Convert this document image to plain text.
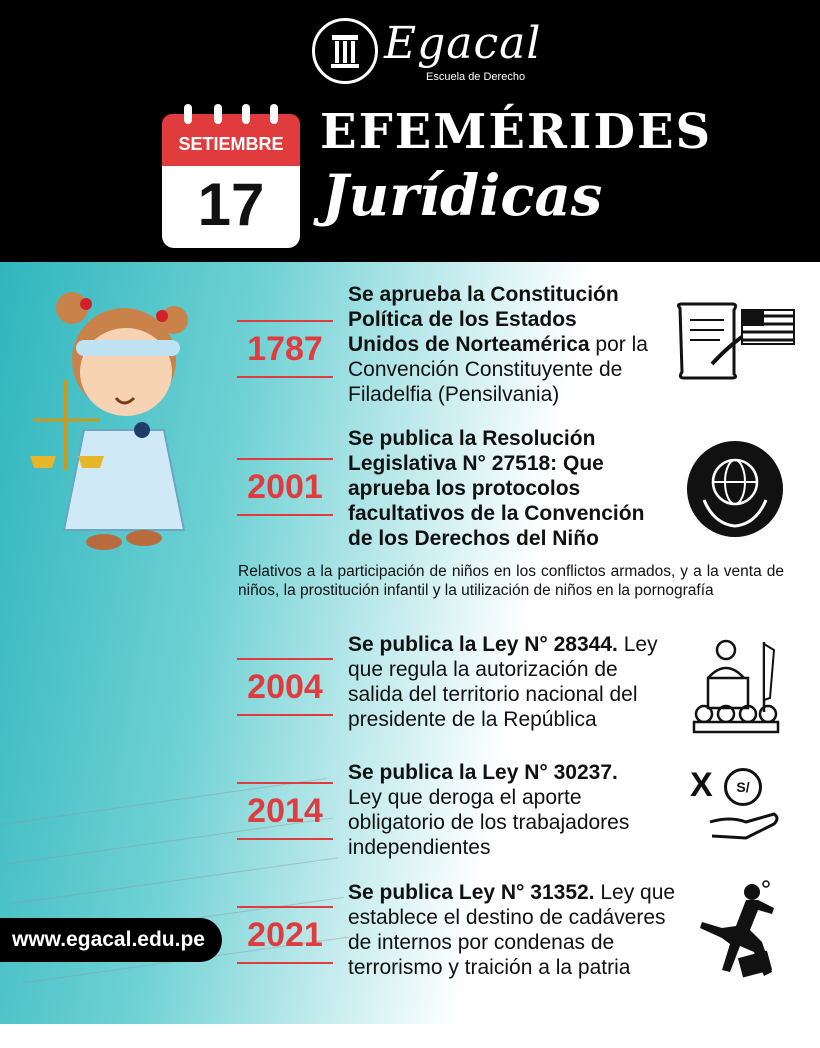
Egacal
Escuela de Derecho
SETIEMBRE
17
EFEMÉRIDES
Jurídicas
1787
Se aprueba la Constitución Política de los Estados Unidos de Norteamérica por la Convención Constituyente de Filadelfia (Pensilvania)
2001
Se publica la Resolución Legislativa N° 27518: Que aprueba los protocolos facultativos de la Convención de los Derechos del Niño
Relativos a la participación de niños en los conflictos armados, y a la venta de niños, la prostitución infantil y la utilización de niños en la pornografía
2004
Se publica la Ley N° 28344. Ley que regula la autorización de salida del territorio nacional del presidente de la República
2014
Se publica la Ley N° 30237. Ley que deroga el aporte obligatorio de los trabajadores independientes
X	S/
2021
Se publica Ley N° 31352. Ley que establece el destino de cadáveres de internos por condenas de terrorismo y traición a la patria
www.egacal.edu.pe
